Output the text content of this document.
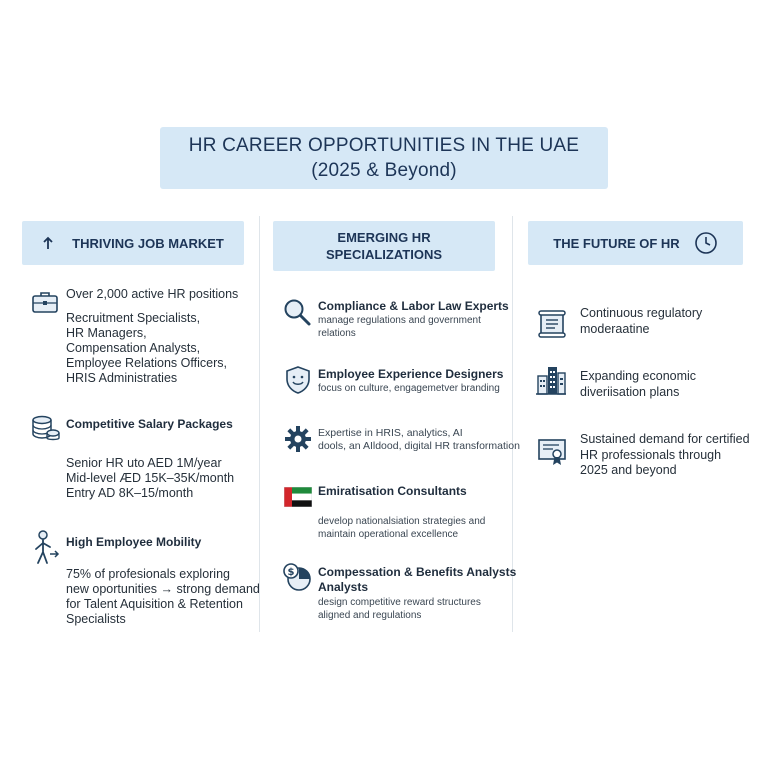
HR CAREER OPPORTUNITIES IN THE UAE
(2025 & Beyond)
THRIVING JOB MARKET
Over 2,000 active HR positions
Recruitment Specialists,
HR Managers,
Compensation Analysts,
Employee Relations Officers,
HRIS Administraties
Competitive Salary Packages
Senior HR uto AED 1M/year
Mid-level ÆD 15K–35K/month
Entry AD 8K–15/month
High Employee Mobility
75% of profesionals exploring
new oportunities → strong demand
for Talent Aquisition & Retention
Specialists
EMERGING HR
SPECIALIZATIONS
Compliance & Labor Law Experts
manage regulations and government
relations
Employee Experience Designers
focus on culture, engagemetver branding
Expertise in HRIS, analytics, AI
dools, an AIldood, digital HR transformation
Emiratisation Consultants
develop nationalsiation strategies and
maintain operational excellence
$ Compessation & Benefits Analysts
Analysts
design competitive reward structures
aligned and regulations
THE FUTURE OF HR
Continuous regulatory
moderaatine
Expanding economic
diveriisation plans
Sustained demand for certified
HR professionals through
2025 and beyond
